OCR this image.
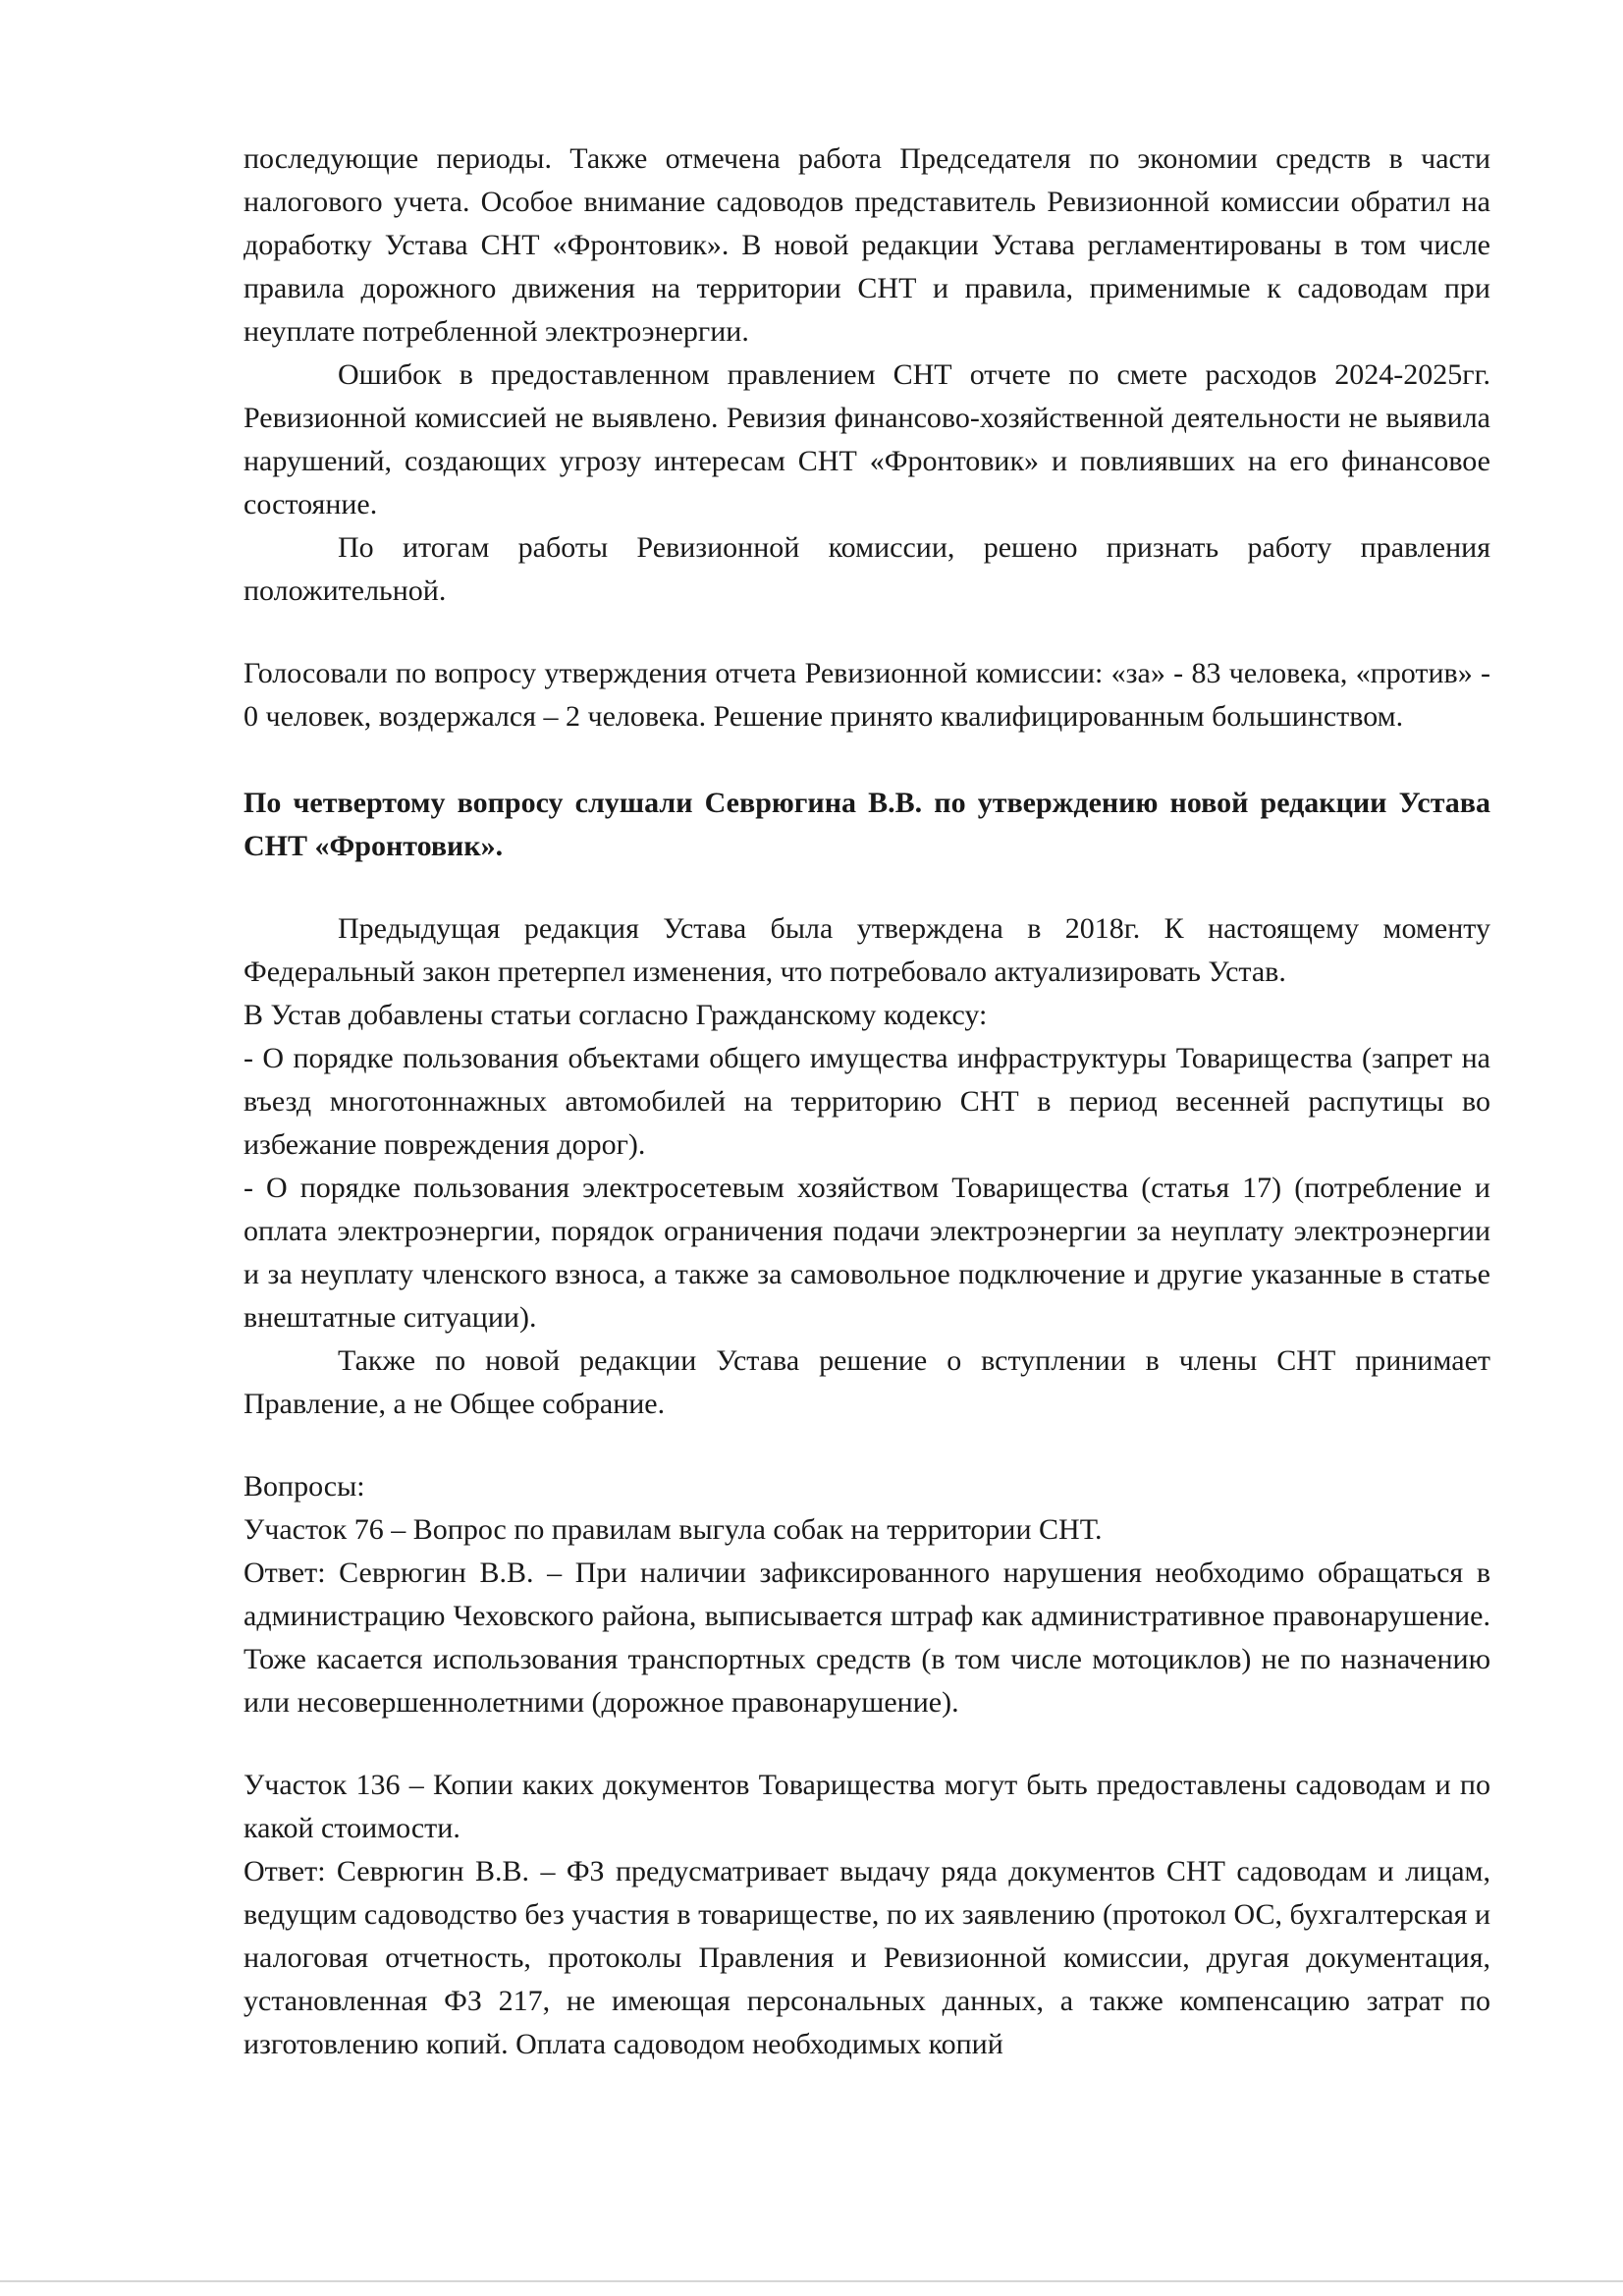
последующие периоды. Также отмечена работа Председателя по экономии средств в части налогового учета. Особое внимание садоводов представитель Ревизионной комиссии обратил на доработку Устава СНТ «Фронтовик». В новой редакции Устава регламентированы в том числе правила дорожного движения на территории СНТ и правила, применимые к садоводам при неуплате потребленной электроэнергии.

Ошибок в предоставленном правлением СНТ отчете по смете расходов 2024-2025гг. Ревизионной комиссией не выявлено. Ревизия финансово-хозяйственной деятельности не выявила нарушений, создающих угрозу интересам СНТ «Фронтовик» и повлиявших на его финансовое состояние.

По итогам работы Ревизионной комиссии, решено признать работу правления положительной.

Голосовали по вопросу утверждения отчета Ревизионной комиссии: «за» - 83 человека, «против» - 0 человек, воздержался – 2 человека. Решение принято квалифицированным большинством.

По четвертому вопросу слушали Севрюгина В.В. по утверждению новой редакции Устава СНТ «Фронтовик».

Предыдущая редакция Устава была утверждена в 2018г. К настоящему моменту Федеральный закон претерпел изменения, что потребовало актуализировать Устав.

В Устав добавлены статьи согласно Гражданскому кодексу:

- О порядке пользования объектами общего имущества инфраструктуры Товарищества (запрет на въезд многотоннажных автомобилей на территорию СНТ в период весенней распутицы во избежание повреждения дорог).

- О порядке пользования электросетевым хозяйством Товарищества (статья 17) (потребление и оплата электроэнергии, порядок ограничения подачи электроэнергии за неуплату электроэнергии и за неуплату членского взноса, а также за самовольное подключение и другие указанные в статье внештатные ситуации).

Также по новой редакции Устава решение о вступлении в члены СНТ принимает Правление, а не Общее собрание.

Вопросы:

Участок 76 – Вопрос по правилам выгула собак на территории СНТ.

Ответ: Севрюгин В.В. – При наличии зафиксированного нарушения необходимо обращаться в администрацию Чеховского района, выписывается штраф как административное правонарушение. Тоже касается использования транспортных средств (в том числе мотоциклов) не по назначению или несовершеннолетними (дорожное правонарушение).

Участок 136 – Копии каких документов Товарищества могут быть предоставлены садоводам и по какой стоимости.

Ответ: Севрюгин В.В. – ФЗ предусматривает выдачу ряда документов СНТ садоводам и лицам, ведущим садоводство без участия в товариществе, по их заявлению (протокол ОС, бухгалтерская и налоговая отчетность, протоколы Правления и Ревизионной комиссии, другая документация, установленная ФЗ 217, не имеющая персональных данных, а также компенсацию затрат по изготовлению копий. Оплата садоводом необходимых копий
